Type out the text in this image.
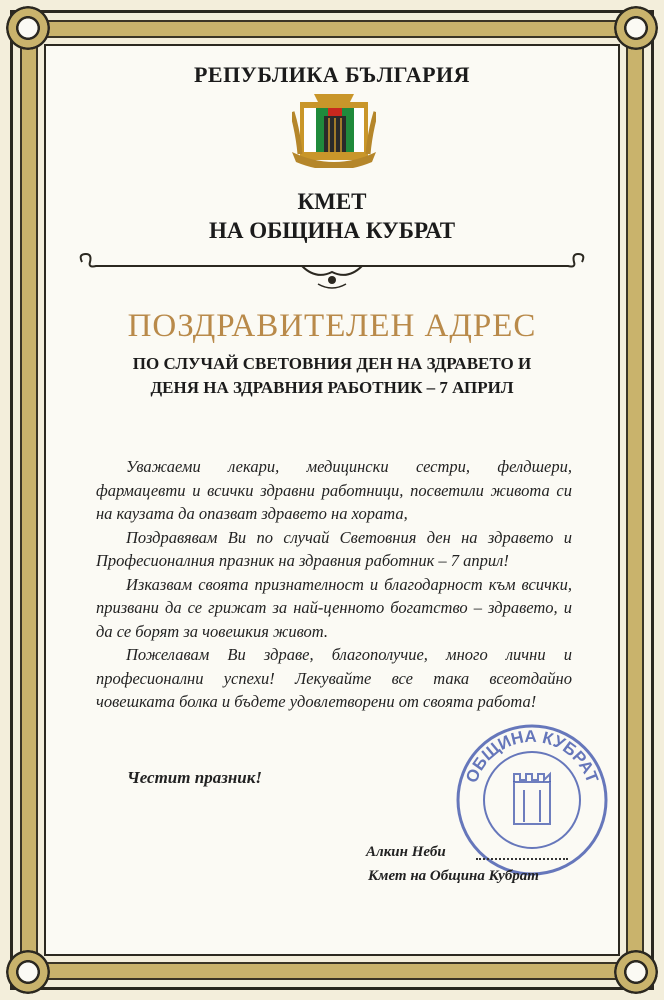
РЕПУБЛИКА БЪЛГАРИЯ
КМЕТ
НА ОБЩИНА КУБРАТ
ПОЗДРАВИТЕЛЕН АДРЕС
ПО СЛУЧАЙ СВЕТОВНИЯ ДЕН НА ЗДРАВЕТО И
ДЕНЯ НА ЗДРАВНИЯ РАБОТНИК – 7 АПРИЛ

Уважаеми лекари, медицински сестри, фелдшери, фармацевти и всички здравни работници, посветили живота си на каузата да опазват здравето на хората,

Поздравявам Ви по случай Световния ден на здравето и Професионалния празник на здравния работник – 7 април!

Изказвам своята признателност и благодарност към всички, призвани да се грижат за най-ценното богатство – здравето, и да се борят за човешкия живот.

Пожелавам Ви здраве, благополучие, много лични и професионални успехи! Лекувайте все така всеотдайно човешката болка и бъдете удовлетворени от своята работа!

Честит празник!	ОБЩИНА КУБРАТ
Алкин Неби
Кмет на Община Кубрат
